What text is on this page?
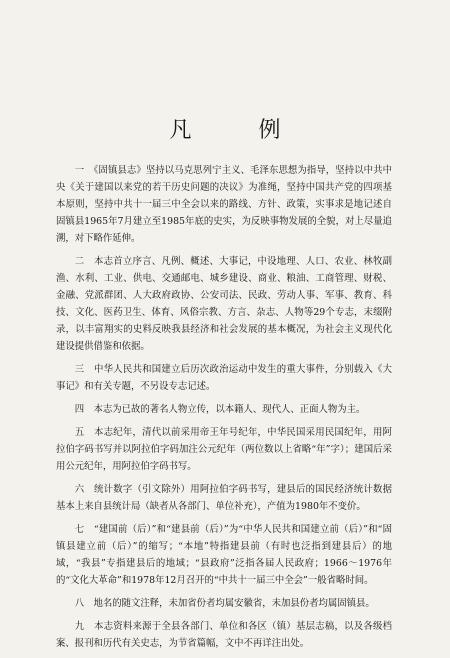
凡 例

一　《固镇县志》坚持以马克思列宁主义、毛泽东思想为指导，坚持以中共中央《关于建国以来党的若干历史问题的决议》为准绳，坚持中国共产党的四项基本原则，坚持中共十一届三中全会以来的路线、方针、政策，实事求是地记述自固镇县1965年7月建立至1985年底的史实，为反映事物发展的全貌，对上尽量追溯，对下略作延伸。

二　本志首立序言、凡例、概述、大事记，中设地理、人口、农业、林牧副渔、水利、工业、供电、交通邮电、城乡建设、商业、粮油、工商管理、财税、金融、党派群团、人大政府政协、公安司法、民政、劳动人事、军事、教育、科技、文化、医药卫生、体育、风俗宗教、方言、杂志、人物等29个专志，末缀附录，以丰富翔实的史料反映我县经济和社会发展的基本概况，为社会主义现代化建设提供借鉴和依据。

三　中华人民共和国建立后历次政治运动中发生的重大事件，分别载入《大事记》和有关专题，不另设专志记述。

四　本志为已故的著名人物立传，以本籍人、现代人、正面人物为主。

五　本志纪年，清代以前采用帝王年号纪年，中华民国采用民国纪年，用阿拉伯字码书写并以阿拉伯字码加注公元纪年（两位数以上省略“年”字）；建国后采用公元纪年，用阿拉伯字码书写。

六　统计数字（引文除外）用阿拉伯字码书写，建县后的国民经济统计数据基本上来自县统计局（缺者从各部门、单位补充），产值为1980年不变价。

七　“建国前（后）”和“建县前（后）”为“中华人民共和国建立前（后）”和“固镇县建立前（后）”的缩写；“本地”特指建县前（有时也泛指到建县后）的地域，“我县”专指建县后的地域；“县政府”泛指各届人民政府；1966～1976年的“文化大革命”和1978年12月召开的“中共十一届三中全会”一般省略时间。

八　地名的随文注释，未加省份者均属安徽省，未加县份者均属固镇县。

九　本志资料来源于全县各部门、单位和各区（镇）基层志稿，以及各级档案、报刊和历代有关史志，为节省篇幅，文中不再详注出处。
